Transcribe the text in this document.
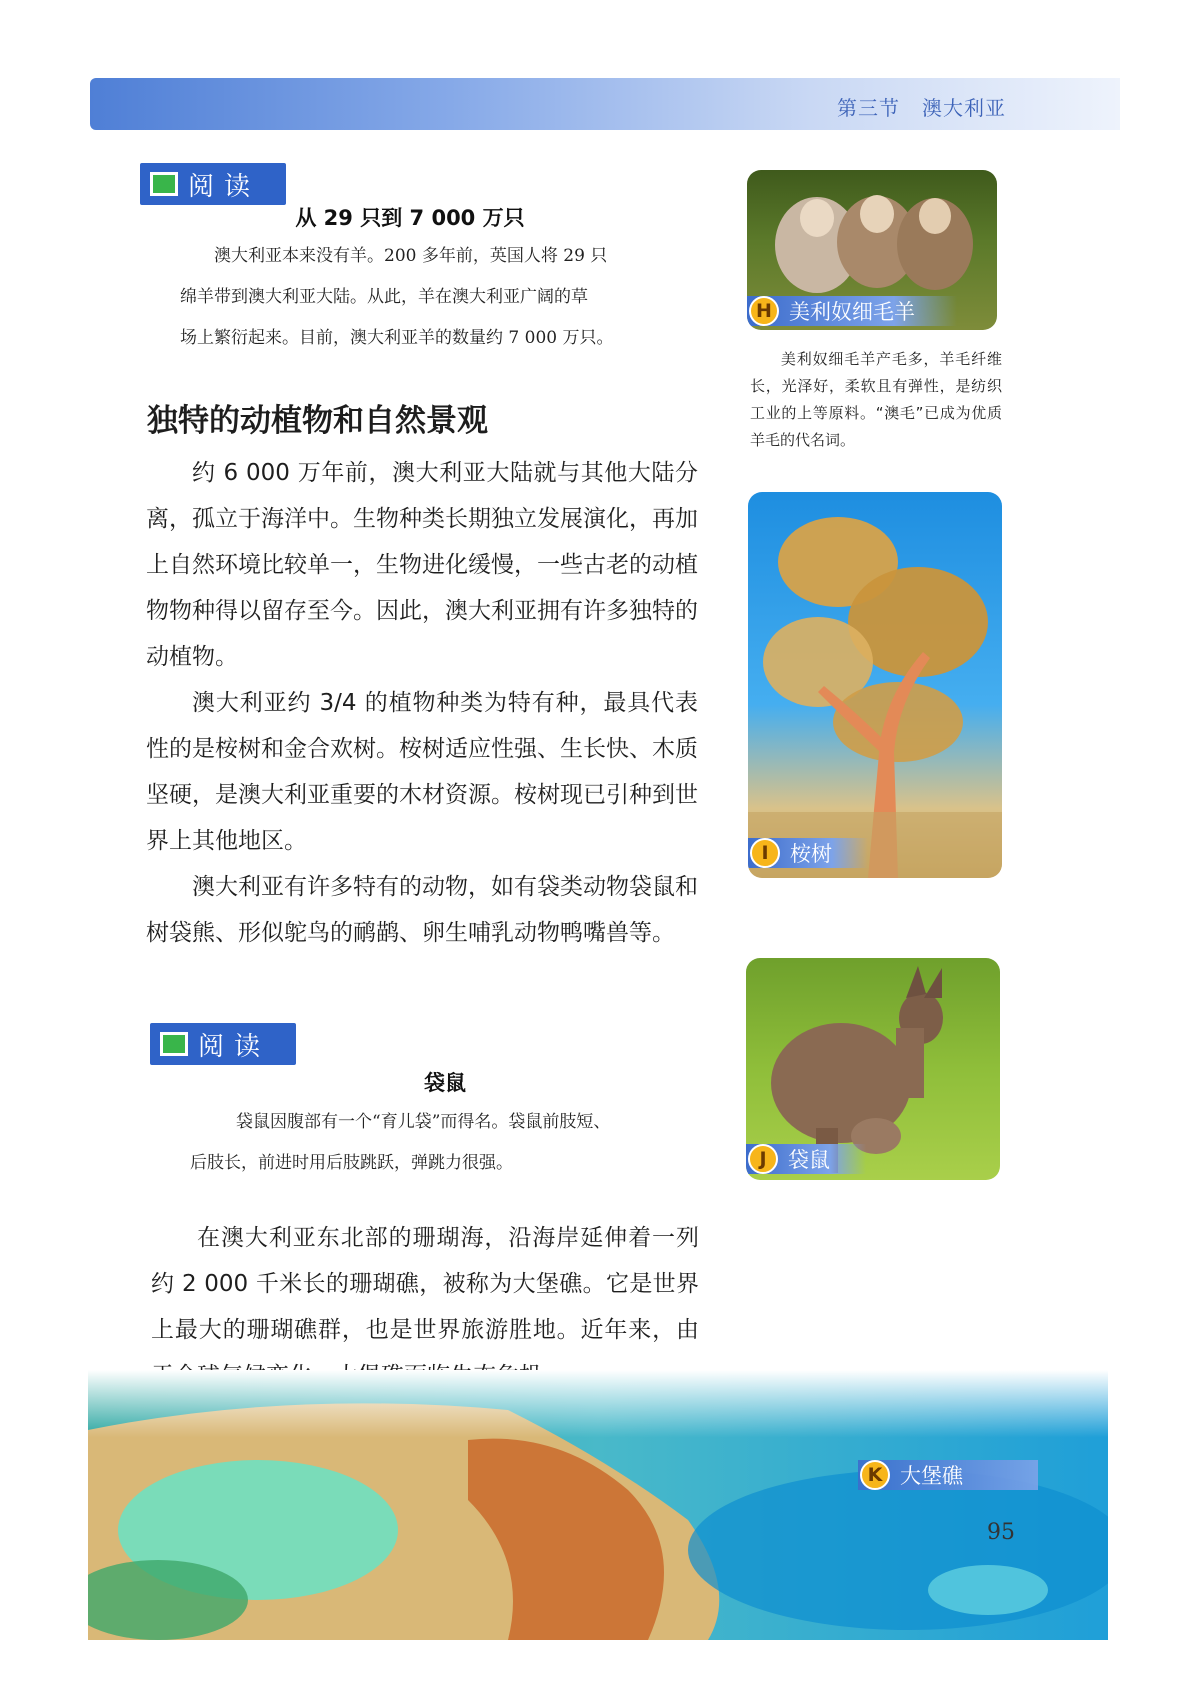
第三节 澳大利亚
阅读
从 29 只到 7 000 万只
澳大利亚本来没有羊。200 多年前，英国人将 29 只
绵羊带到澳大利亚大陆。从此，羊在澳大利亚广阔的草
场上繁衍起来。目前，澳大利亚羊的数量约 7 000 万只。
独特的动植物和自然景观

约 6 000 万年前，澳大利亚大陆就与其他大陆分离，孤立于海洋中。生物种类长期独立发展演化，再加上自然环境比较单一，生物进化缓慢，一些古老的动植物物种得以留存至今。因此，澳大利亚拥有许多独特的动植物。

澳大利亚约 3/4 的植物种类为特有种，最具代表性的是桉树和金合欢树。桉树适应性强、生长快、木质坚硬，是澳大利亚重要的木材资源。桉树现已引种到世界上其他地区。

澳大利亚有许多特有的动物，如有袋类动物袋鼠和树袋熊、形似鸵鸟的鸸鹋、卵生哺乳动物鸭嘴兽等。

阅读
袋鼠
袋鼠因腹部有一个“育儿袋”而得名。袋鼠前肢短、
后肢长，前进时用后肢跳跃，弹跳力很强。

在澳大利亚东北部的珊瑚海，沿海岸延伸着一列约 2 000 千米长的珊瑚礁，被称为大堡礁。它是世界上最大的珊瑚礁群，也是世界旅游胜地。近年来，由

H 美利奴细毛羊
美利奴细毛羊产毛多，羊毛纤维长，光泽好，柔软且有弹性，是纺织工业的上等原料。“澳毛”已成为优质羊毛的代名词。
I	桉树
J	袋鼠
K 大堡礁
95
